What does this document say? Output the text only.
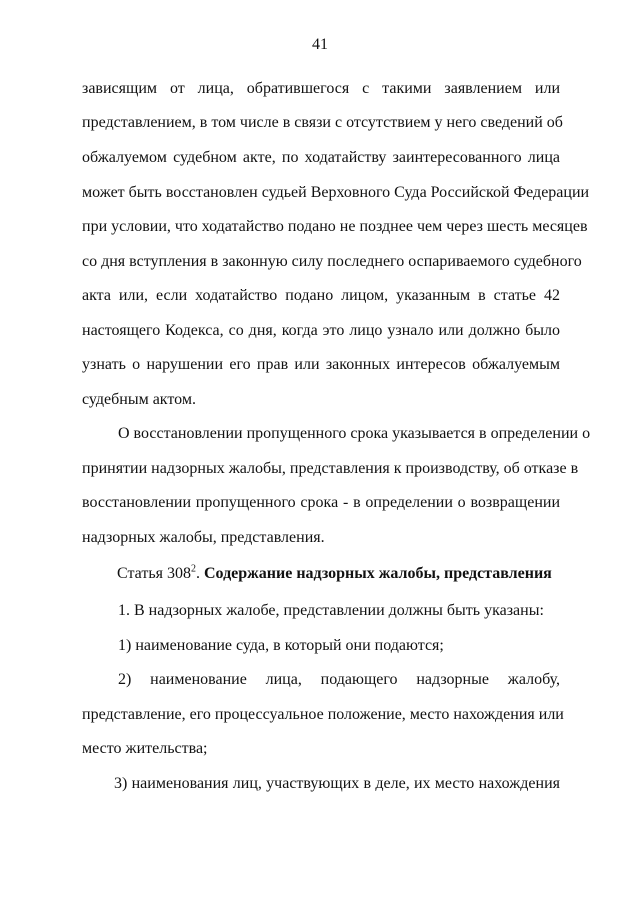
41
зависящим от лица, обратившегося с такими заявлением или
представлением, в том числе в связи с отсутствием у него сведений об
обжалуемом судебном акте, по ходатайству заинтересованного лица
может быть восстановлен судьей Верховного Суда Российской Федерации
при условии, что ходатайство подано не позднее чем через шесть месяцев
со дня вступления в законную силу последнего оспариваемого судебного
акта или, если ходатайство подано лицом, указанным в статье 42
настоящего Кодекса, со дня, когда это лицо узнало или должно было
узнать о нарушении его прав или законных интересов обжалуемым
судебным актом.
О восстановлении пропущенного срока указывается в определении о
принятии надзорных жалобы, представления к производству, об отказе в
восстановлении пропущенного срока - в определении о возвращении
надзорных жалобы, представления.
Статья $308^2$. Содержание надзорных жалобы, представления
1. В надзорных жалобе, представлении должны быть указаны:
1) наименование суда, в который они подаются;
2) наименование лица, подающего надзорные жалобу,
представление, его процессуальное положение, место нахождения или
место жительства;
3) наименования лиц, участвующих в деле, их место нахождения
